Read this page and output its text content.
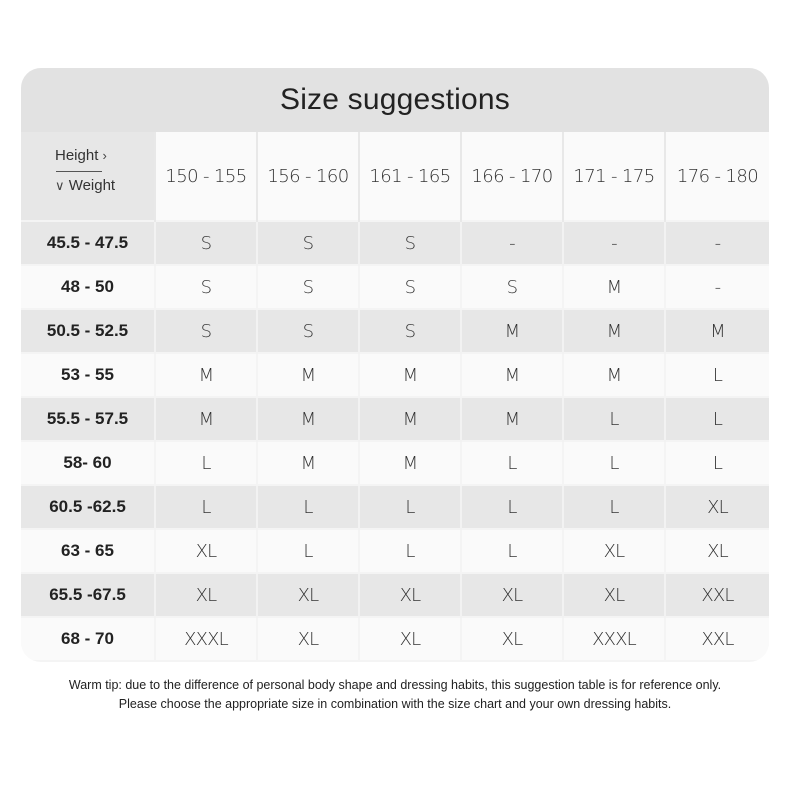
Size suggestions
Height ›
∨ Weight	150 - 155	156 - 160	161 - 165	166 - 170	171 - 175	176 - 180
45.5 - 47.5	S	S	S	-	-	-
48 - 50	S	S	S	S	M	-
50.5 - 52.5	S	S	S	M	M	M
53 - 55	M	M	M	M	M	L
55.5 - 57.5	M	M	M	M	L	L
58- 60	L	M	M	L	L	L
60.5 -62.5	L	L	L	L	L	XL
63 - 65	XL	L	L	L	XL	XL
65.5 -67.5	XL	XL	XL	XL	XL	XXL
68 - 70	XXXL	XL	XL	XL	XXXL	XXL
Warm tip: due to the difference of personal body shape and dressing habits, this suggestion table is for reference only.
Please choose the appropriate size in combination with the size chart and your own dressing habits.
